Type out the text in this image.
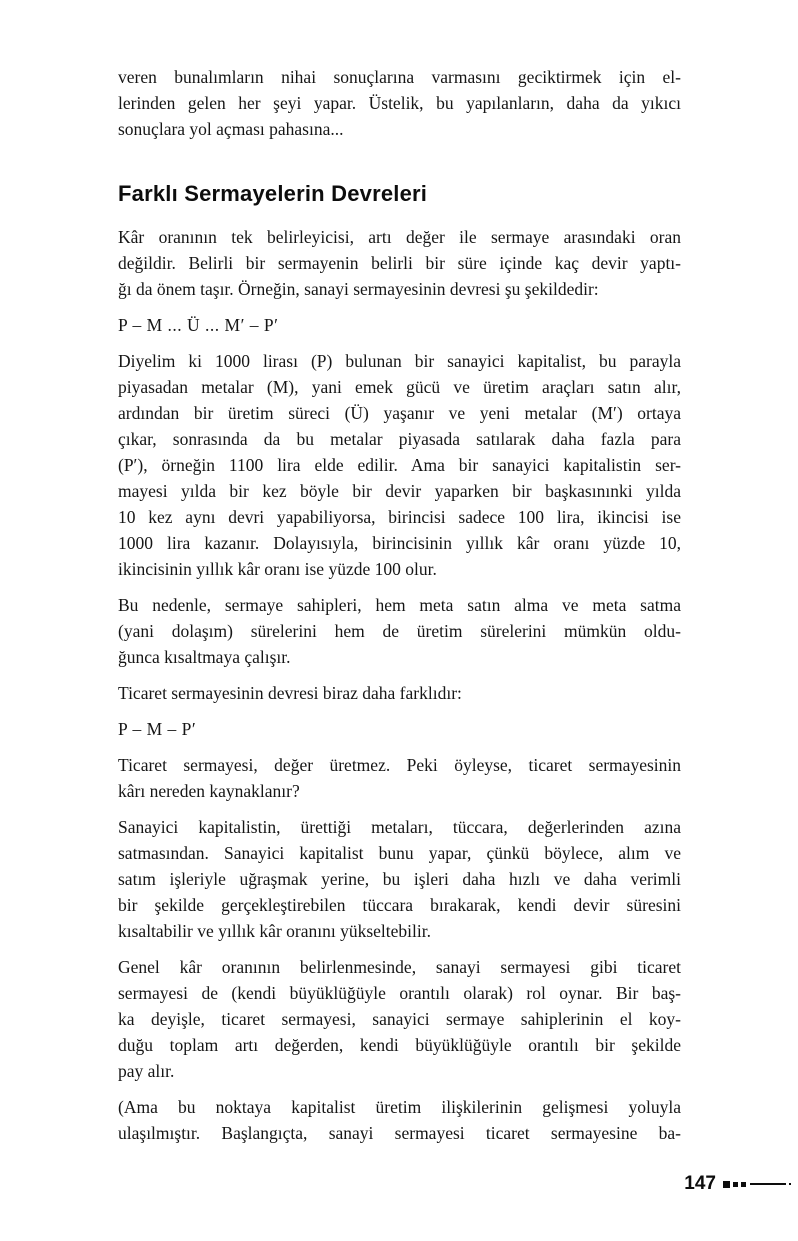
veren bunalımların nihai sonuçlarına varmasını geciktirmek için el-
lerinden gelen her şeyi yapar. Üstelik, bu yapılanların, daha da yıkıcı
sonuçlara yol açması pahasına...

Farklı Sermayelerin Devreleri

Kâr oranının tek belirleyicisi, artı değer ile sermaye arasındaki oran
değildir. Belirli bir sermayenin belirli bir süre içinde kaç devir yaptı-
ğı da önem taşır. Örneğin, sanayi sermayesinin devresi şu şekildedir:

P – M ... Ü ... M′ – P′

Diyelim ki 1000 lirası (P) bulunan bir sanayici kapitalist, bu parayla
piyasadan metalar (M), yani emek gücü ve üretim araçları satın alır,
ardından bir üretim süreci (Ü) yaşanır ve yeni metalar (M′) ortaya
çıkar, sonrasında da bu metalar piyasada satılarak daha fazla para
(P′), örneğin 1100 lira elde edilir. Ama bir sanayici kapitalistin ser-
mayesi yılda bir kez böyle bir devir yaparken bir başkasınınki yılda
10 kez aynı devri yapabiliyorsa, birincisi sadece 100 lira, ikincisi ise
1000 lira kazanır. Dolayısıyla, birincisinin yıllık kâr oranı yüzde 10,
ikincisinin yıllık kâr oranı ise yüzde 100 olur.

Bu nedenle, sermaye sahipleri, hem meta satın alma ve meta satma
(yani dolaşım) sürelerini hem de üretim sürelerini mümkün oldu-
ğunca kısaltmaya çalışır.

Ticaret sermayesinin devresi biraz daha farklıdır:

P – M – P′

Ticaret sermayesi, değer üretmez. Peki öyleyse, ticaret sermayesinin
kârı nereden kaynaklanır?

Sanayici kapitalistin, ürettiği metaları, tüccara, değerlerinden azına
satmasından. Sanayici kapitalist bunu yapar, çünkü böylece, alım ve
satım işleriyle uğraşmak yerine, bu işleri daha hızlı ve daha verimli
bir şekilde gerçekleştirebilen tüccara bırakarak, kendi devir süresini
kısaltabilir ve yıllık kâr oranını yükseltebilir.

Genel kâr oranının belirlenmesinde, sanayi sermayesi gibi ticaret
sermayesi de (kendi büyüklüğüyle orantılı olarak) rol oynar. Bir baş-
ka deyişle, ticaret sermayesi, sanayici sermaye sahiplerinin el koy-
duğu toplam artı değerden, kendi büyüklüğüyle orantılı bir şekilde
pay alır.

(Ama bu noktaya kapitalist üretim ilişkilerinin gelişmesi yoluyla
ulaşılmıştır. Başlangıçta, sanayi sermayesi ticaret sermayesine ba-

147
